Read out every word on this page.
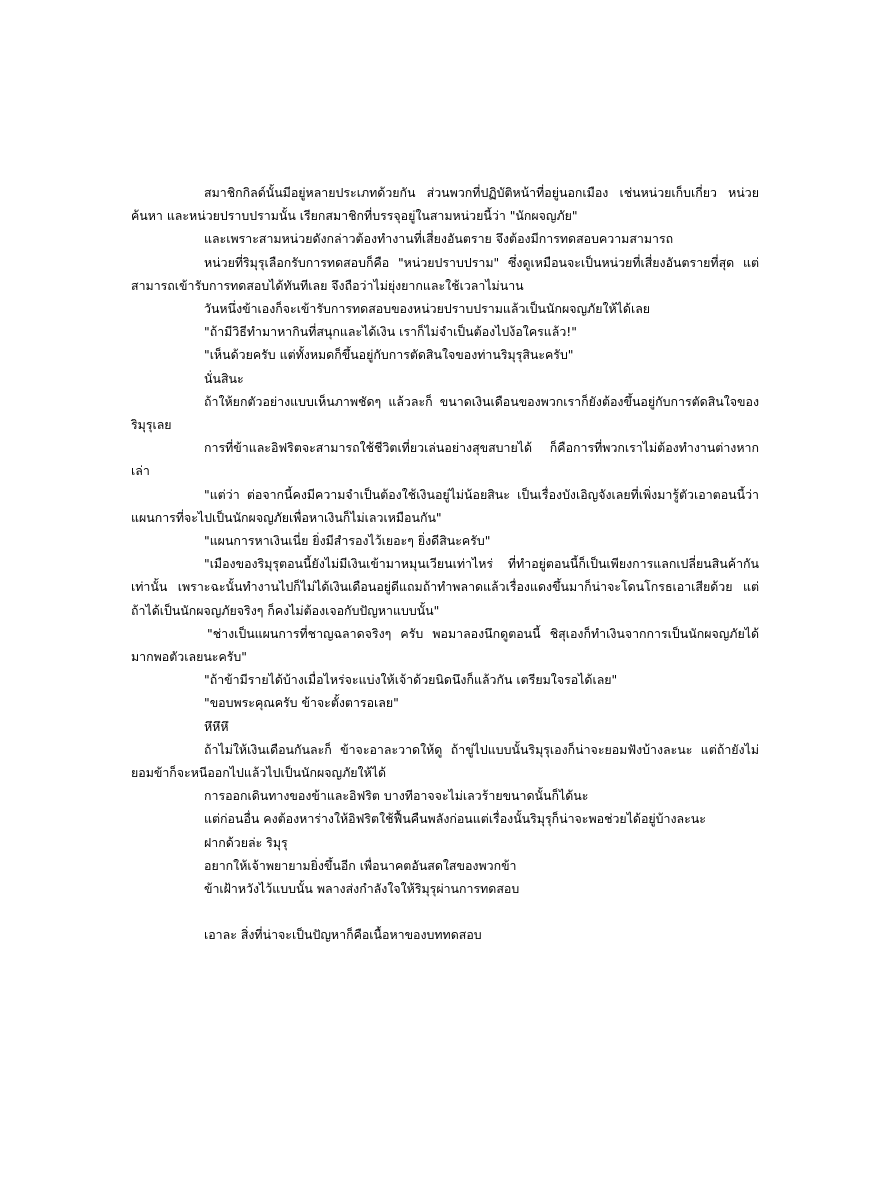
สมาชิกกิลด์นั้นมีอยู่หลายประเภทด้วยกัน ส่วนพวกที่ปฏิบัติหน้าที่อยู่นอกเมือง เช่นหน่วยเก็บเกี่ยว หน่วยค้นหา และหน่วยปราบปรามนั้น เรียกสมาชิกที่บรรจุอยู่ในสามหน่วยนี้ว่า "นักผจญภัย"

และเพราะสามหน่วยดังกล่าวต้องทำงานที่เสี่ยงอันตราย จึงต้องมีการทดสอบความสามารถ

หน่วยที่ริมุรุเลือกรับการทดสอบก็คือ "หน่วยปราบปราม" ซึ่งดูเหมือนจะเป็นหน่วยที่เสี่ยงอันตรายที่สุด แต่สามารถเข้ารับการทดสอบได้ทันทีเลย จึงถือว่าไม่ยุ่งยากและใช้เวลาไม่นาน

วันหนึ่งข้าเองก็จะเข้ารับการทดสอบของหน่วยปราบปรามแล้วเป็นนักผจญภัยให้ได้เลย

"ถ้ามีวิธีทำมาหากินที่สนุกและได้เงิน เราก็ไม่จำเป็นต้องไปง้อใครแล้ว!"

"เห็นด้วยครับ แต่ทั้งหมดก็ขึ้นอยู่กับการตัดสินใจของท่านริมุรุสินะครับ"

นั่นสินะ

ถ้าให้ยกตัวอย่างแบบเห็นภาพชัดๆ แล้วละก็ ขนาดเงินเดือนของพวกเราก็ยังต้องขึ้นอยู่กับการตัดสินใจของริมุรุเลย

การที่ข้าและอิฟริตจะสามารถใช้ชีวิตเที่ยวเล่นอย่างสุขสบายได้ ก็คือการที่พวกเราไม่ต้องทำงานต่างหากเล่า

"แต่ว่า ต่อจากนี้คงมีความจำเป็นต้องใช้เงินอยู่ไม่น้อยสินะ เป็นเรื่องบังเอิญจังเลยที่เพิ่งมารู้ตัวเอาตอนนี้ว่าแผนการที่จะไปเป็นนักผจญภัยเพื่อหาเงินก็ไม่เลวเหมือนกัน"

"แผนการหาเงินเนี่ย ยิ่งมีสำรองไว้เยอะๆ ยิ่งดีสินะครับ"

"เมืองของริมุรุตอนนี้ยังไม่มีเงินเข้ามาหมุนเวียนเท่าไหร่ ที่ทำอยู่ตอนนี้ก็เป็นเพียงการแลกเปลี่ยนสินค้ากันเท่านั้น เพราะฉะนั้นทำงานไปก็ไม่ได้เงินเดือนอยู่ดีแถมถ้าทำพลาดแล้วเรื่องแดงขึ้นมาก็น่าจะโดนโกรธเอาเสียด้วย แต่ถ้าได้เป็นนักผจญภัยจริงๆ ก็คงไม่ต้องเจอกับปัญหาแบบนั้น"

"ช่างเป็นแผนการที่ชาญฉลาดจริงๆ ครับ พอมาลองนึกดูตอนนี้ ชิสุเองก็ทำเงินจากการเป็นนักผจญภัยได้มากพอตัวเลยนะครับ"

"ถ้าข้ามีรายได้บ้างเมื่อไหร่จะแบ่งให้เจ้าด้วยนิดนึงก็แล้วกัน เตรียมใจรอได้เลย"

"ขอบพระคุณครับ ข้าจะตั้งตารอเลย"

หึหึหึ

ถ้าไม่ให้เงินเดือนกันละก็ ข้าจะอาละวาดให้ดู ถ้าขู่ไปแบบนั้นริมุรุเองก็น่าจะยอมฟังบ้างละนะ แต่ถ้ายังไม่ยอมข้าก็จะหนีออกไปแล้วไปเป็นนักผจญภัยให้ได้

การออกเดินทางของข้าและอิฟริต บางทีอาจจะไม่เลวร้ายขนาดนั้นก็ได้นะ

แต่ก่อนอื่น คงต้องหาร่างให้อิฟริตใช้ฟื้นคืนพลังก่อนแต่เรื่องนั้นริมุรุก็น่าจะพอช่วยได้อยู่บ้างละนะ

ฝากด้วยล่ะ ริมุรุ

อยากให้เจ้าพยายามยิ่งขึ้นอีก เพื่อนาคตอันสดใสของพวกข้า

ข้าเฝ้าหวังไว้แบบนั้น พลางส่งกำลังใจให้ริมุรุผ่านการทดสอบ

เอาละ สิ่งที่น่าจะเป็นปัญหาก็คือเนื้อหาของบททดสอบ
